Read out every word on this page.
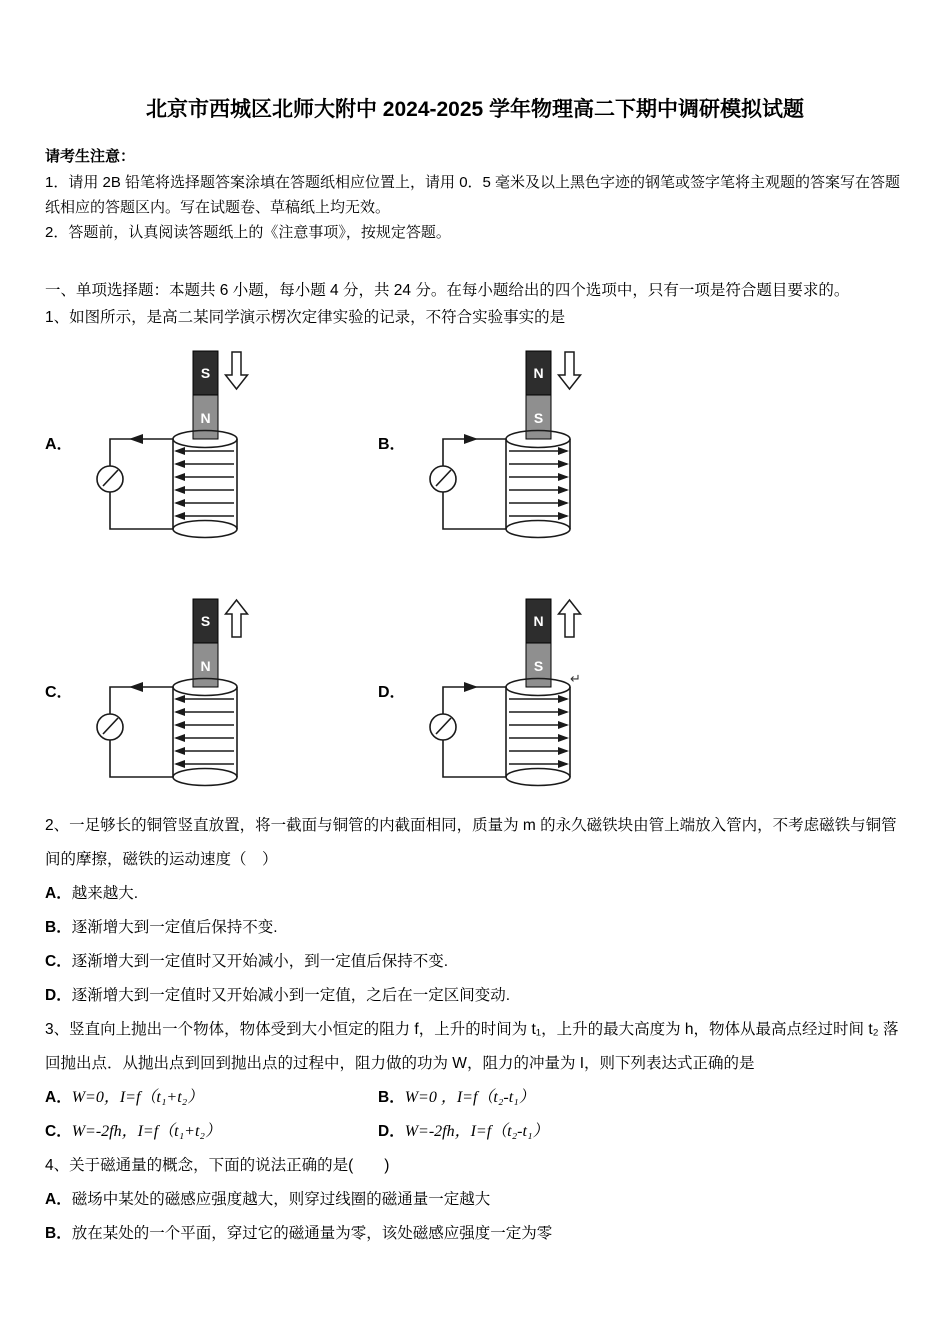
北京市西城区北师大附中 2024-2025 学年物理高二下期中调研模拟试题

请考生注意：

1．请用 2B 铅笔将选择题答案涂填在答题纸相应位置上，请用 0．5 毫米及以上黑色字迹的钢笔或签字笔将主观题的答案写在答题纸相应的答题区内。写在试题卷、草稿纸上均无效。

2．答题前，认真阅读答题纸上的《注意事项》，按规定答题。

一、单项选择题：本题共 6 小题，每小题 4 分，共 24 分。在每小题给出的四个选项中，只有一项是符合题目要求的。

1、如图所示，是高二某同学演示楞次定律实验的记录，不符合实验事实的是

A．
S
N
B．
N
S
C．
S
N
D．
N
S
↵

2、一足够长的铜管竖直放置，将一截面与铜管的内截面相同，质量为 m 的永久磁铁块由管上端放入管内，不考虑磁铁与铜管间的摩擦，磁铁的运动速度（　）

A．越来越大.

B．逐渐增大到一定值后保持不变.

C．逐渐增大到一定值时又开始减小，到一定值后保持不变.

D．逐渐增大到一定值时又开始减小到一定值，之后在一定区间变动.

3、竖直向上抛出一个物体，物体受到大小恒定的阻力 f，上升的时间为 t₁，上升的最大高度为 h，物体从最高点经过时间 t₂ 落回抛出点．从抛出点到回到抛出点的过程中，阻力做的功为 W，阻力的冲量为 I，则下列表达式正确的是

A．W=0，I=f（t₁+t₂）	B．W=0 ，I=f（t₂-t₁）

C．W=-2fh，I=f（t₁+t₂）	D．W=-2fh，I=f（t₂-t₁）

4、关于磁通量的概念，下面的说法正确的是(　　)

A．磁场中某处的磁感应强度越大，则穿过线圈的磁通量一定越大

B．放在某处的一个平面，穿过它的磁通量为零，该处磁感应强度一定为零
